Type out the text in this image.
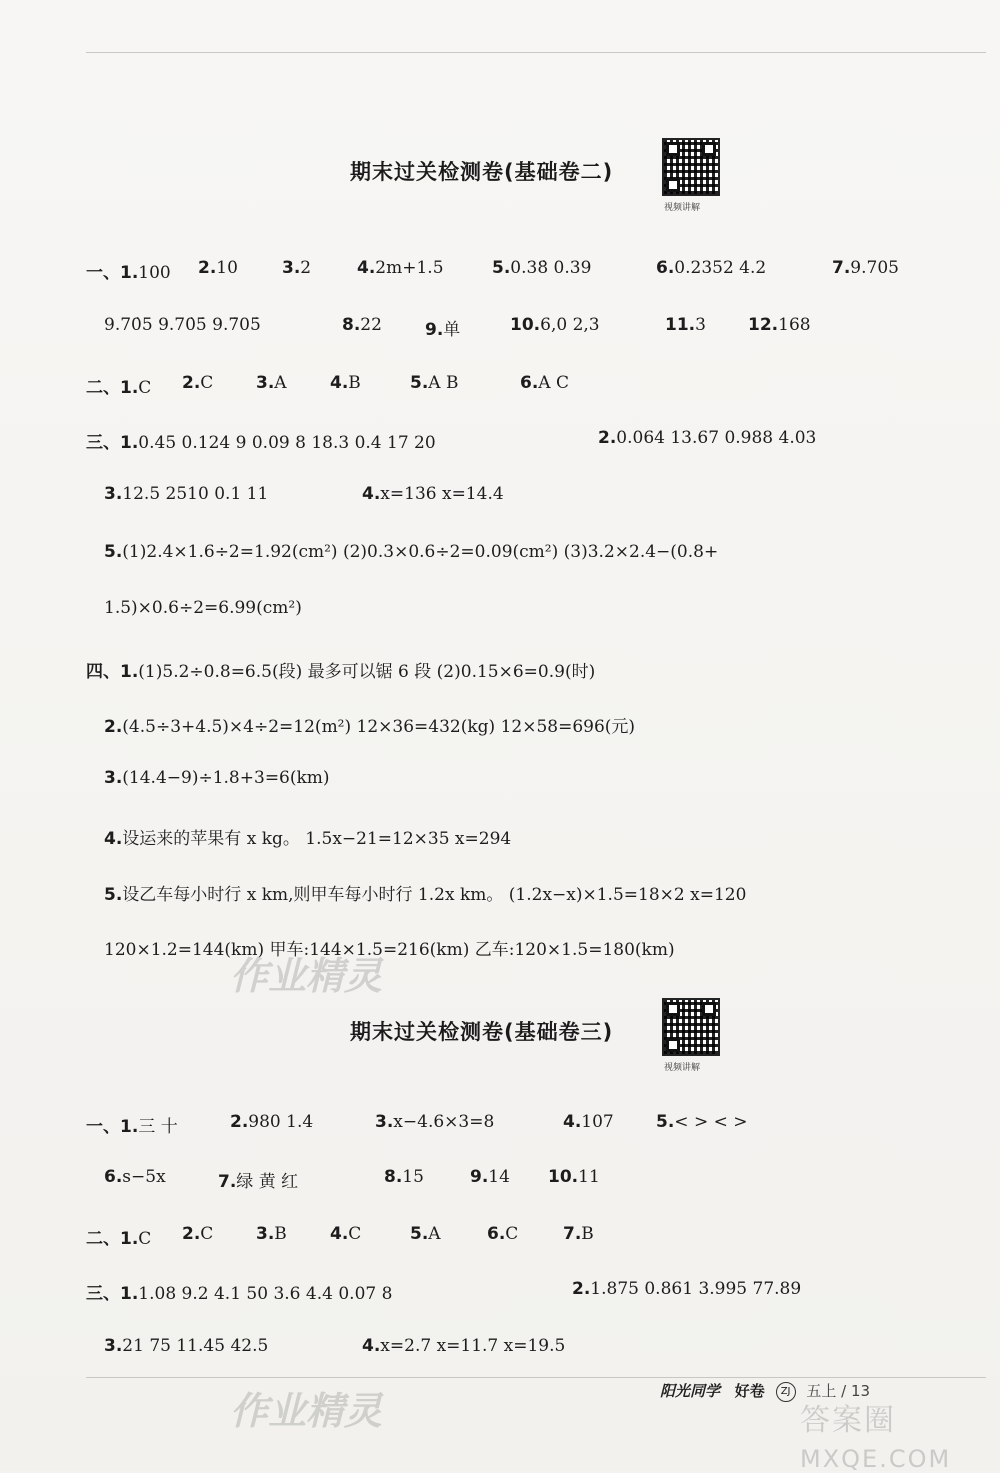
期末过关检测卷(基础卷二)
视频讲解
一、1.100 2.10	3.2	4.2m+1.5	5.0.38̇ 0.39	6.0.2352 4.2	7.9.705
9.70̇5 9.70̇5̇ 9.7̇05̇	8.22	9.单	10.6,0 2,3	11.3 12.168
二、1.C 2.C	3.A	4.B	5.A B	6.A C
三、1.0.45 0.124 9 0.09 8 18.3 0.4 17 20	2.0.064 13.67 0.988 4.03
3.12.5 2510 0.1 11	4.x=136 x=14.4
5.(1)2.4×1.6÷2=1.92(cm²) (2)0.3×0.6÷2=0.09(cm²) (3)3.2×2.4−(0.8+
1.5)×0.6÷2=6.99(cm²)
四、1.(1)5.2÷0.8=6.5(段) 最多可以锯 6 段 (2)0.15×6=0.9(时)
2.(4.5÷3+4.5)×4÷2=12(m²) 12×36=432(kg) 12×58=696(元)
3.(14.4−9)÷1.8+3=6(km)
4.设运来的苹果有 x kg。 1.5x−21=12×35 x=294
5.设乙车每小时行 x km,则甲车每小时行 1.2x km。 (1.2x−x)×1.5=18×2 x=120
120×1.2=144(km) 甲车:144×1.5=216(km) 乙车:120×1.5=180(km)
期末过关检测卷(基础卷三)
视频讲解
一、1.三 十	2.980 1.4	3.x−4.6×3=8	4.107 5.< > < >
6.s−5x	7.绿 黄 红	8.15	9.14 10.11
二、1.C 2.C	3.B	4.C	5.A	6.C	7.B
三、1.1.08 9.2 4.1 50 3.6 4.4 0.07 8	2.1.875 0.861 3.995 77.89
3.21 75 11.45 42.5	4.x=2.7 x=11.7 x=19.5
阳光同学 好卷 ZJ 五上 / 13
作业精灵
作业精灵	答案圈
MXQE.COM
